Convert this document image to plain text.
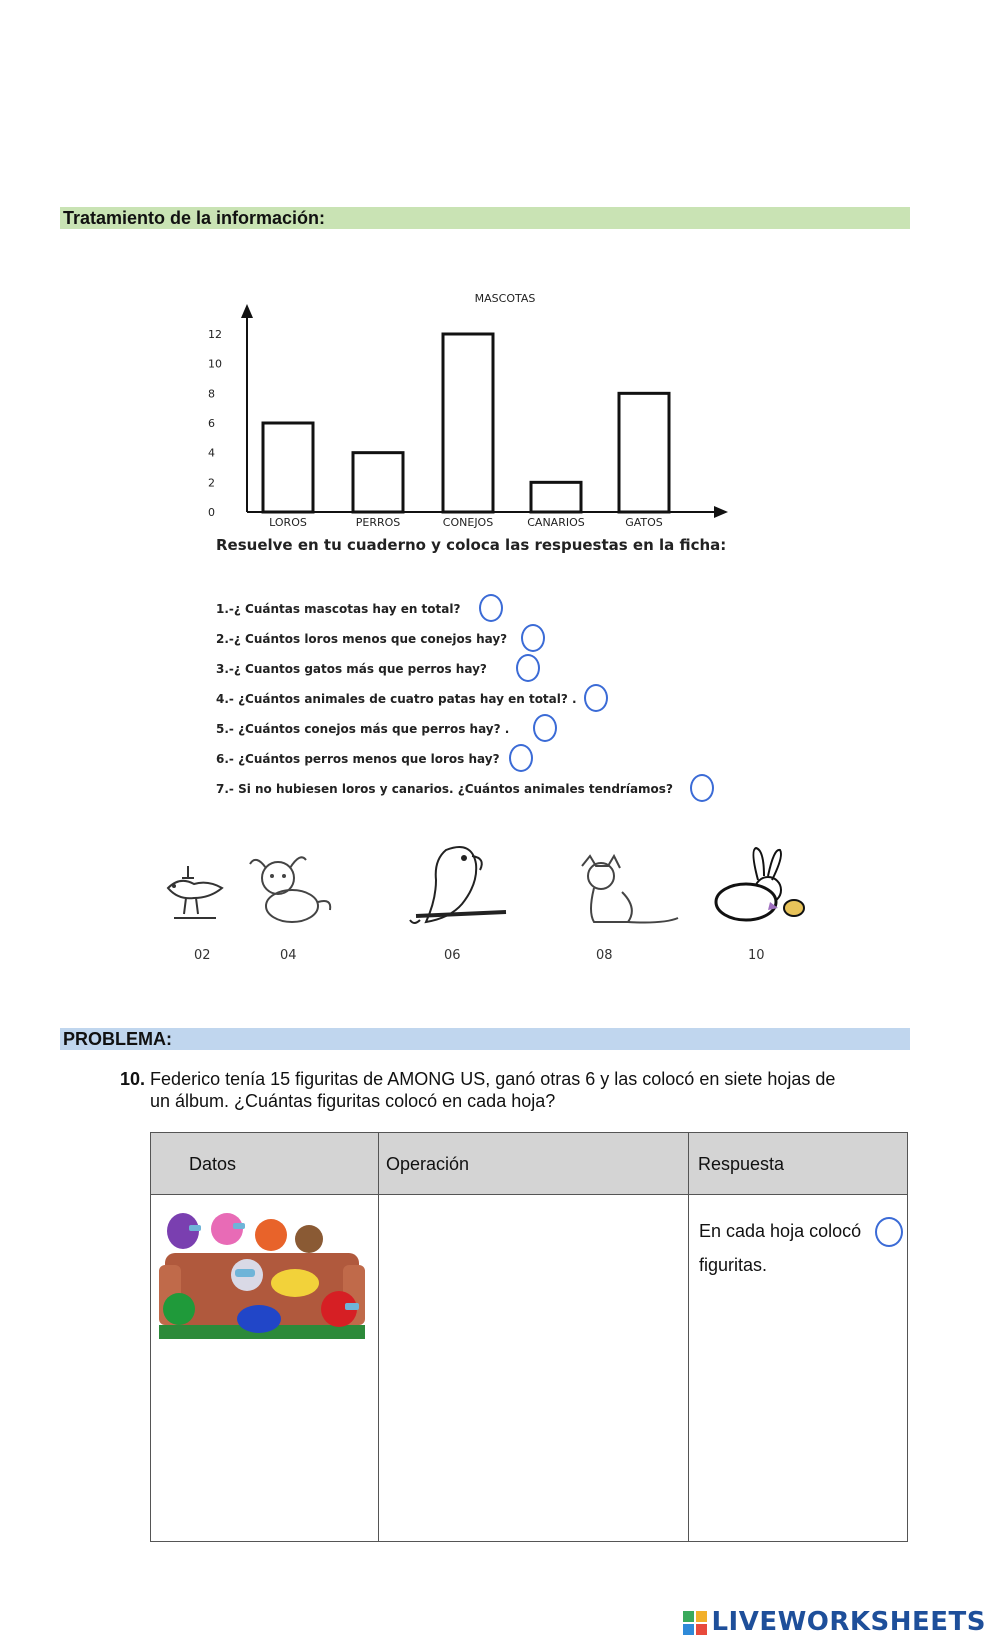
Tratamiento de la información:
MASCOTAS
0
2
4
6
8
10
12
LOROS	PERROS	CONEJOS	CANARIOS	GATOS
Resuelve en tu cuaderno y coloca las respuestas en la ficha:
1.-¿ Cuántas mascotas hay en total?
2.-¿ Cuántos loros menos que conejos hay?
3.-¿ Cuantos gatos más que perros hay?
4.- ¿Cuántos animales de cuatro patas hay en total? .
5.- ¿Cuántos conejos más que perros hay? .
6.- ¿Cuántos perros menos que loros hay?
7.- Si no hubiesen loros y canarios. ¿Cuántos animales tendríamos?
02	04	06	08	10
PROBLEMA:
10. Federico tenía 15 figuritas de AMONG US, ganó otras 6 y las colocó en siete hojas de
un álbum. ¿Cuántas figuritas colocó en cada hoja?
Datos	Operación	Respuesta
En cada hoja colocó
figuritas.
LIVEWORKSHEETS
